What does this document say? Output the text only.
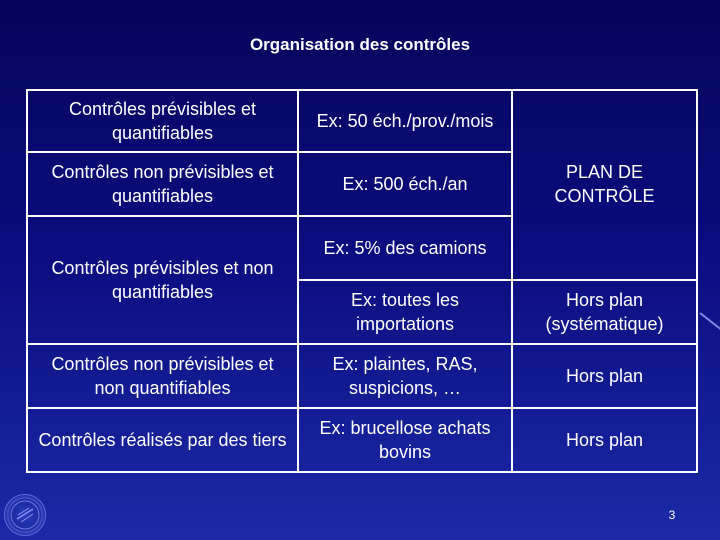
Organisation des contrôles
Contrôles prévisibles et quantifiables	Ex: 50 éch./prov./mois	
Contrôles non prévisibles et quantifiables	Ex: 500 éch./an	PLAN DE CONTRÔLE
Contrôles prévisibles et non quantifiables	Ex: 5% des camions	
	Ex: toutes les importations	Hors plan (systématique)
Contrôles non prévisibles et non quantifiables	Ex: plaintes, RAS, suspicions, …	Hors plan
Contrôles réalisés par des tiers	Ex: brucellose achats bovins	Hors plan
3
